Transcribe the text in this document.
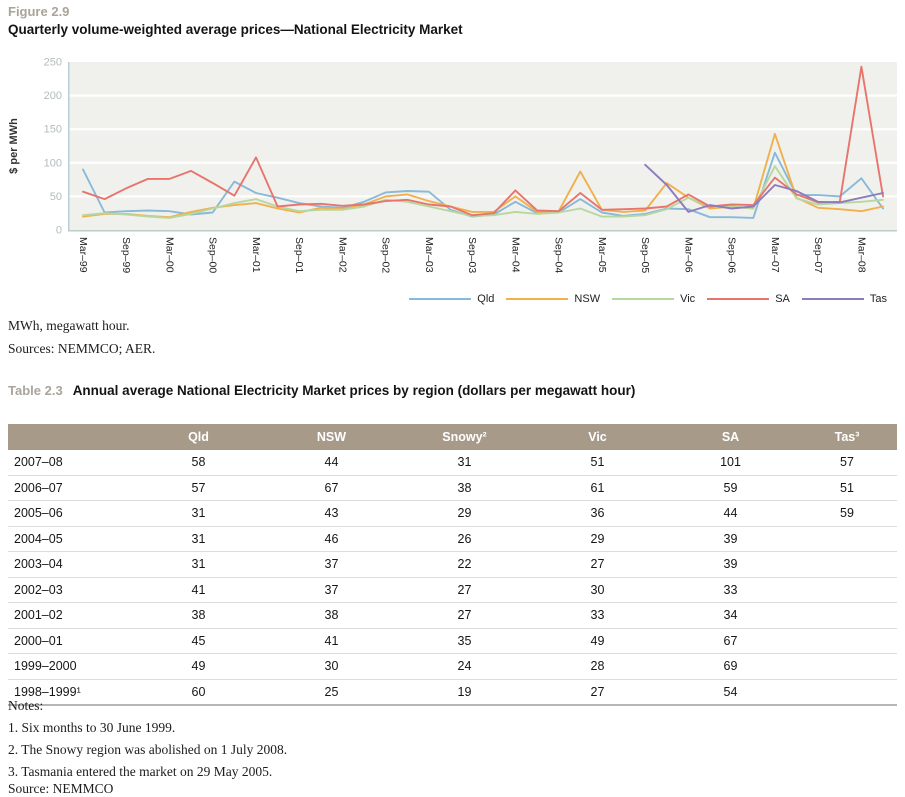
Figure 2.9
Quarterly volume-weighted average prices—National Electricity Market
0
50
100
150
200
250
$ per MWh
Mar–99	Sep–99	Mar–00	Sep–00	Mar–01	Sep–01	Mar–02	Sep–02	Mar–03	Sep–03	Mar–04	Sep–04	Mar–05	Sep–05	Mar–06	Sep–06	Mar–07	Sep–07	Mar–08
Qld	NSW	Vic	SA	Tas
MWh, megawatt hour.
Sources: NEMMCO; AER.
Table 2.3 Annual average National Electricity Market prices by region (dollars per megawatt hour)
	Qld	NSW	Snowy²	Vic	SA	Tas³
2007–08	58	44	31	51	101	57
2006–07	57	67	38	61	59	51
2005–06	31	43	29	36	44	59
2004–05	31	46	26	29	39	
2003–04	31	37	22	27	39	
2002–03	41	37	27	30	33	
2001–02	38	38	27	33	34	
2000–01	45	41	35	49	67	
1999–2000	49	30	24	28	69	
1998–1999¹	60	25	19	27	54	

Notes:

1. Six months to 30 June 1999.

2. The Snowy region was abolished on 1 July 2008.

3. Tasmania entered the market on 29 May 2005.

Source: NEMMCO
